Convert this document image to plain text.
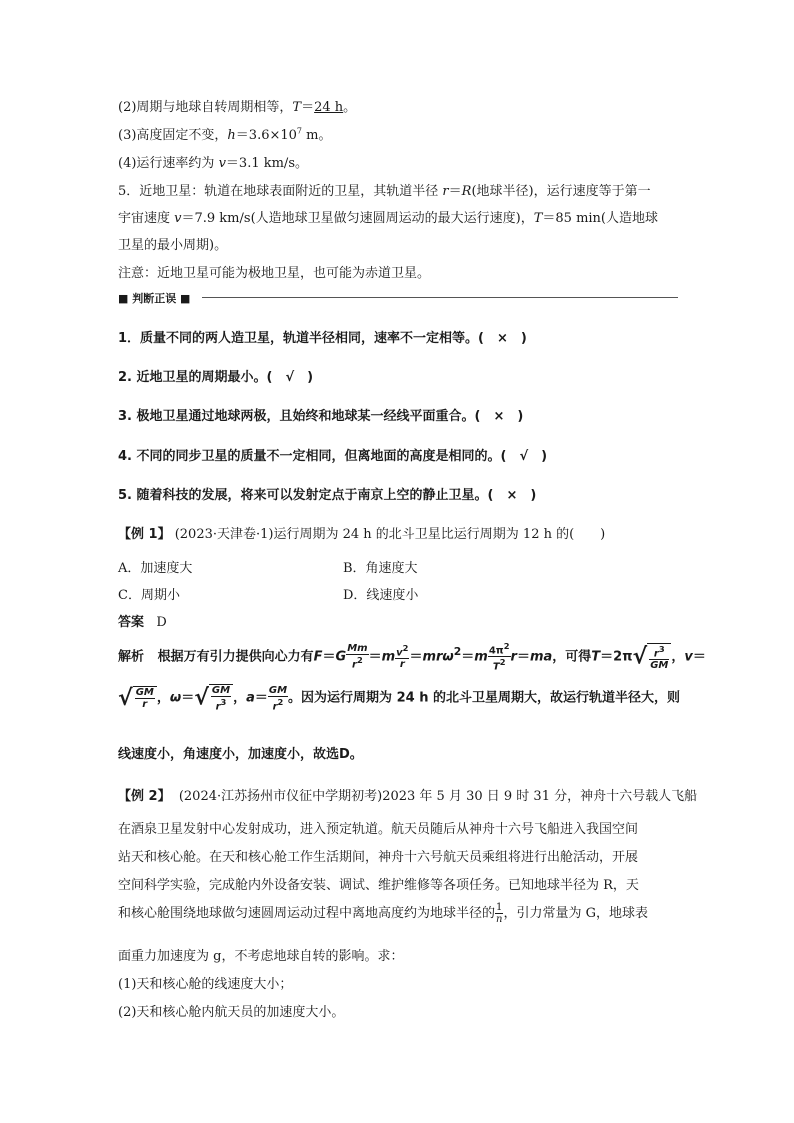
(2)周期与地球自转周期相等，T＝24 h。
(3)高度固定不变，$h=3.6\times 10^7$ m。
(4)运行速率约为 v＝3.1 km/s。
5．近地卫星：轨道在地球表面附近的卫星，其轨道半径 r＝R(地球半径)，运行速度等于第一
宇宙速度 v＝7.9 km/s(人造地球卫星做匀速圆周运动的最大运行速度)，T＝85 min(人造地球
卫星的最小周期)。
注意：近地卫星可能为极地卫星，也可能为赤道卫星。
■ 判断正误 ■
1．质量不同的两人造卫星，轨道半径相同，速率不一定相等。(　×　)
2. 近地卫星的周期最小。(　√　)
3. 极地卫星通过地球两极，且始终和地球某一经线平面重合。(　×　)
4. 不同的同步卫星的质量不一定相同，但离地面的高度是相同的。(　√　)
5. 随着科技的发展，将来可以发射定点于南京上空的静止卫星。(　×　)
【例 1】 (2023·天津卷·1)运行周期为 24 h 的北斗卫星比运行周期为 12 h 的(　　)
A．加速度大	B．角速度大
C．周期小	D．线速度小
答案 D
解析 根据万有引力提供向心力有$F=G \frac{Mm}{r^2} =m \frac{v^2}{r} =mr\omega^2=m \frac{4\pi^2}{T^2} r=ma$，可得$T=2\pi√ \frac{r^3}{GM}$ ，v＝
√ $\frac{GM}{r}$ ，$\omega=√ \frac{GM}{r^3}$ ，$a= \frac{GM}{r^2}$ 。因为运行周期为 24 h 的北斗卫星周期大，故运行轨道半径大，则
线速度小，角速度小，加速度小，故选D。
【例 2】 (2024·江苏扬州市仪征中学期初考)2023 年 5 月 30 日 9 时 31 分，神舟十六号载人飞船
在酒泉卫星发射中心发射成功，进入预定轨道。航天员随后从神舟十六号飞船进入我国空间
站天和核心舱。在天和核心舱工作生活期间，神舟十六号航天员乘组将进行出舱活动，开展
空间科学实验，完成舱内外设备安装、调试、维护维修等各项任务。已知地球半径为 R，天
和核心舱围绕地球做匀速圆周运动过程中离地高度约为地球半径的 $\frac{1}{n}$ ，引力常量为 G，地球表
面重力加速度为 g，不考虑地球自转的影响。求：
(1)天和核心舱的线速度大小；
(2)天和核心舱内航天员的加速度大小。
